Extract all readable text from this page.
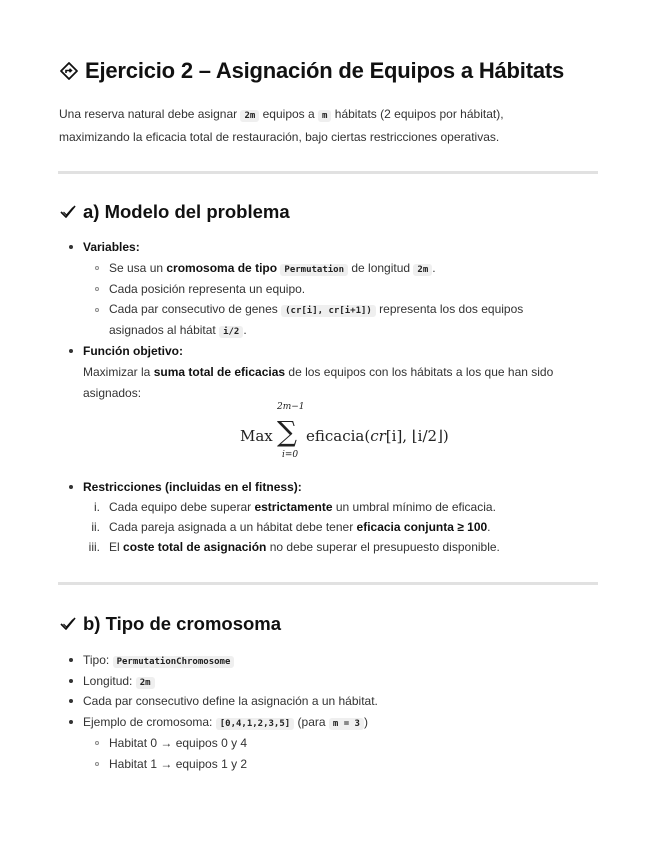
Ejercicio 2 – Asignación de Equipos a Hábitats
Una reserva natural debe asignar 2m equipos a m hábitats (2 equipos por hábitat),
maximizando la eficacia total de restauración, bajo ciertas restricciones operativas.
a) Modelo del problema
Variables:
Se usa un cromosoma de tipo Permutation de longitud 2m .
Cada posición representa un equipo.
Cada par consecutivo de genes (cr[i], cr[i+1]) representa los dos equipos
asignados al hábitat i/2 .
Función objetivo:
Maximizar la suma total de eficacias de los equipos con los hábitats a los que han sido
asignados:
Max
2m−1
∑
i=0
eficacia(cr[i], ⌊i/2⌋)
Restricciones (incluidas en el fitness):
i. Cada equipo debe superar estrictamente un umbral mínimo de eficacia.
ii. Cada pareja asignada a un hábitat debe tener eficacia conjunta ≥ 100.
iii. El coste total de asignación no debe superar el presupuesto disponible.
b) Tipo de cromosoma
Tipo: PermutationChromosome
Longitud: 2m
Cada par consecutivo define la asignación a un hábitat.
Ejemplo de cromosoma: [0,4,1,2,3,5] (para m = 3 )
Habitat 0 → equipos 0 y 4
Habitat 1 → equipos 1 y 2
